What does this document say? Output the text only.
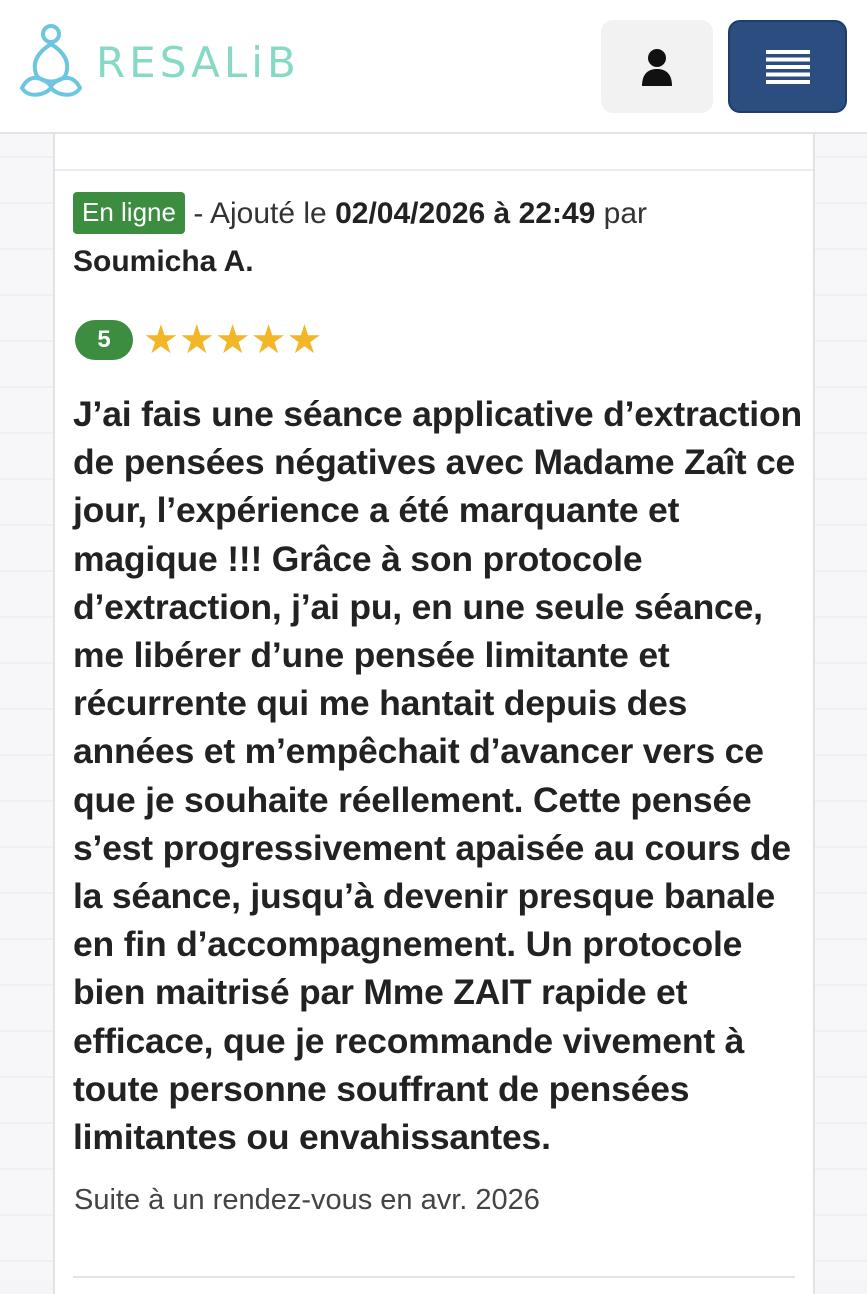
RESALiB
En ligne - Ajouté le 02/04/2026 à 22:49 par Soumicha A.
5 ★★★★★
J’ai fais une séance applicative d’extraction de pensées négatives avec Madame Zaît ce jour, l’expérience a été marquante et magique !!! Grâce à son protocole d’extraction, j’ai pu, en une seule séance, me libérer d’une pensée limitante et récurrente qui me hantait depuis des années et m’empêchait d’avancer vers ce que je souhaite réellement. Cette pensée s’est progressivement apaisée au cours de la séance, jusqu’à devenir presque banale en fin d’accompagnement. Un protocole bien maitrisé par Mme ZAIT rapide et efficace, que je recommande vivement à toute personne souffrant de pensées limitantes ou envahissantes.
Suite à un rendez-vous en avr. 2026
